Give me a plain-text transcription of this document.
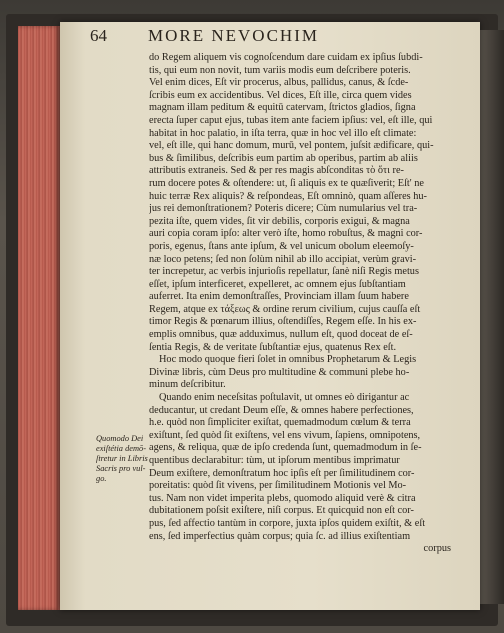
64 MORE NEVOCHIM
Quomodo Dei
exiſtétia demō-
ſtretur in Libris
Sacris pro vul-
go.
do Regem aliquem vis cognoſcendum dare cuidam ex ipſius ſubdi-
tis, qui eum non novit, tum variis modis eum deſcribere poteris.
Vel enim dices, Eſt vir procerus, albus, pallidus, canus, & ſcde-
ſcribis eum ex accidentibus. Vel dices, Eſt ille, circa quem vides
magnam illam peditum & equitū catervam, ſtrictos gladios, ſigna
erecta ſuper caput ejus, tubas item ante faciem ipſius: vel, eſt ille, qui
habitat in hoc palatio, in iſta terra, quæ in hoc vel illo eſt climate:
vel, eſt ille, qui hanc domum, murū, vel pontem, juſsit ædificare, qui-
bus & ſimilibus, deſcribis eum partim ab operibus, partim ab aliis
attributis extraneis. Sed & per res magis abſconditas τὸ ὅτι re-
rum docere potes & oſtendere: ut, ſi aliquis ex te quæſiverit; Eſt' ne
huic terræ Rex aliquis? & reſpondeas, Eſt omninò, quam aſſeres hu-
jus rei demonſtrationem? Poteris dicere; Cùm numularius vel tra-
pezita iſte, quem vides, ſit vir debilis, corporis exigui, & magna
auri copia coram ipſo: alter verò iſte, homo robuſtus, & magni cor-
poris, egenus, ſtans ante ipſum, & vel unicum obolum eleemoſy-
næ loco petens; ſed non ſolùm nihil ab illo accipiat, verùm gravi-
ter increpetur, ac verbis injurioſis repellatur, ſanè niſi Regis metus
eſſet, ipſum interficeret, expelleret, ac omnem ejus ſubſtantiam
auferret. Ita enim demonſtraſſes, Provinciam illam ſuum habere
Regem, atque ex τάξεως & ordine rerum civilium, cujus cauſſa eſt
timor Regis & pœnarum illius, oſtendiſſes, Regem eſſe. In his ex-
emplis omnibus, quæ adduximus, nullum eſt, quod doceat de eſ-
ſentia Regis, & de veritate ſubſtantiæ ejus, quatenus Rex eſt.
Hoc modo quoque fieri ſolet in omnibus Prophetarum & Legis
Divinæ libris, cùm Deus pro multitudine & communi plebe ho-
minum deſcribitur.
Quando enim neceſsitas poſtulavit, ut omnes eò dirigantur ac
deducantur, ut credant Deum eſſe, & omnes habere perfectiones,
h.e. quòd non ſimpliciter exiſtat, quemadmodum cœlum & terra
exiſtunt, ſed quòd ſit exiſtens, vel ens vivum, ſapiens, omnipotens,
agens, & reliqua, quæ de ipſo credenda ſunt, quemadmodum in ſe-
quentibus declarabitur: tùm, ut ipſorum mentibus imprimatur
Deum exiſtere, demonſtratum hoc ipſis eſt per ſimilitudinem cor-
poreitatis: quòd ſit vivens, per ſimilitudinem Motionis vel Mo-
tus. Nam non videt imperita plebs, quomodo aliquid verè & citra
dubitationem poſsit exiſtere, niſi corpus. Et quicquid non eſt cor-
pus, ſed affectio tantùm in corpore, juxta ipſos quidem exiſtit, & eſt
ens, ſed imperfectius quàm corpus; quia ſc. ad illius exiſtentiam
corpus
